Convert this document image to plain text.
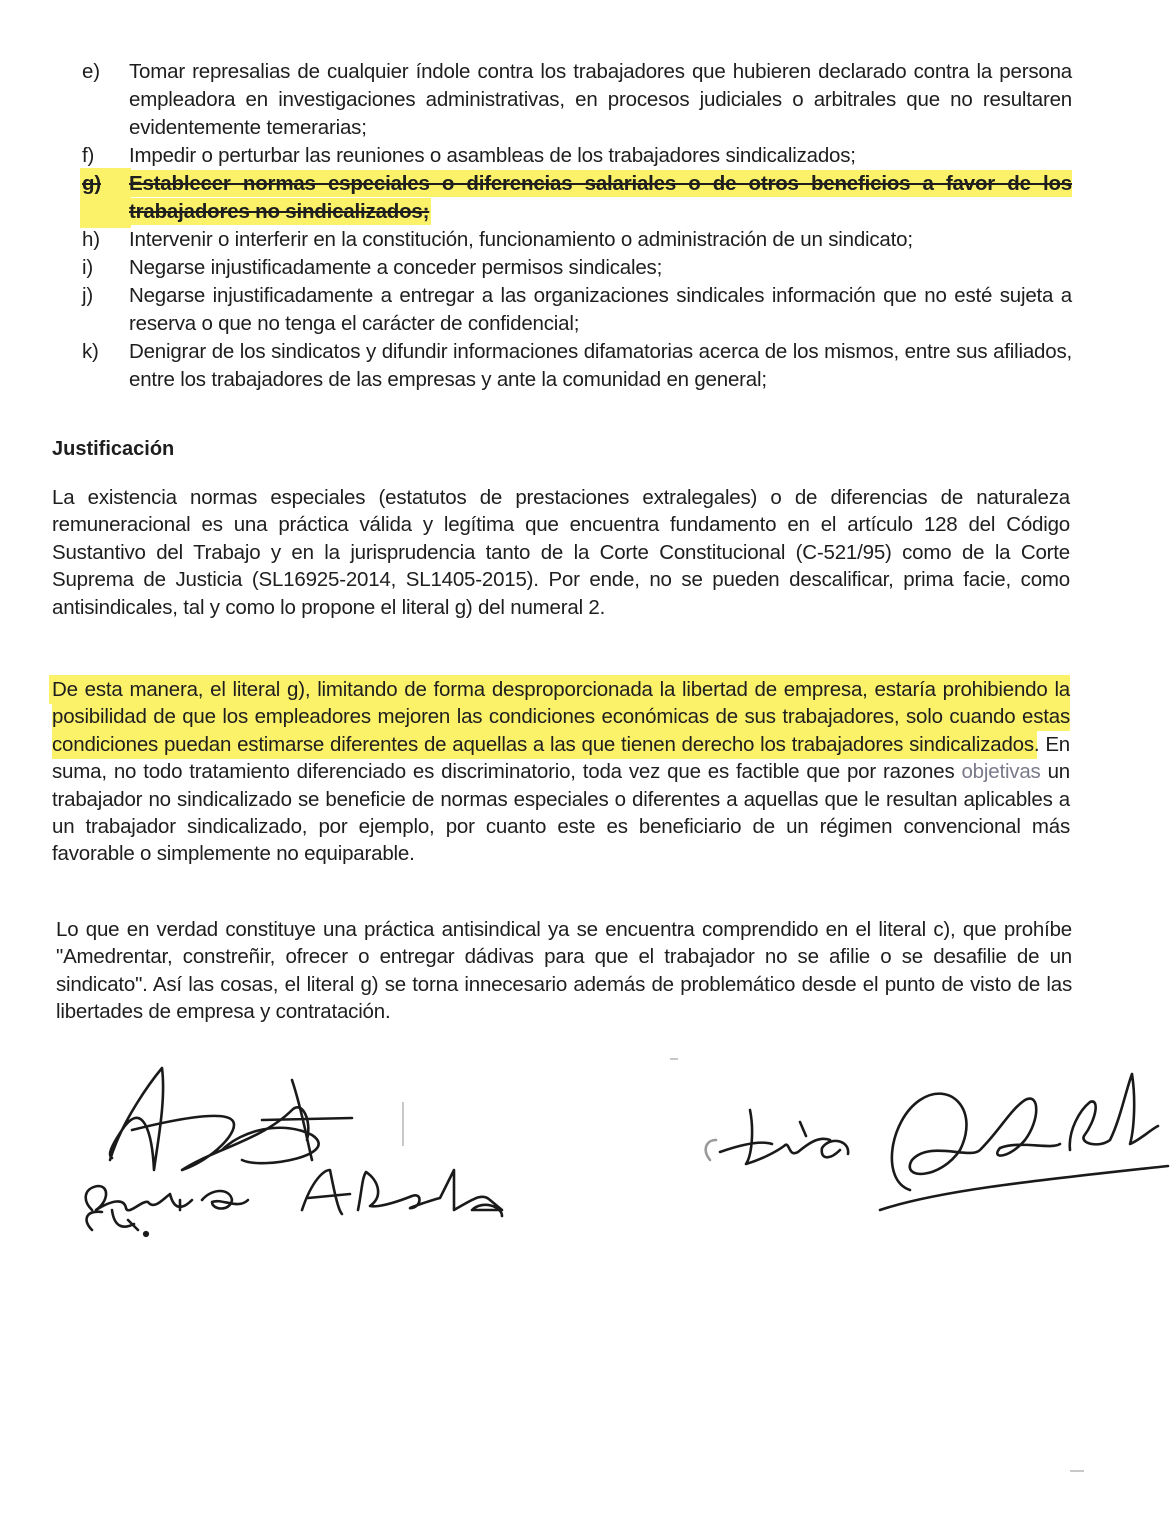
e)	Tomar represalias de cualquier índole contra los trabajadores que hubieren declarado contra la persona empleadora en investigaciones administrativas, en procesos judiciales o arbitrales que no resultaren evidentemente temerarias;
f)	Impedir o perturbar las reuniones o asambleas de los trabajadores sindicalizados;
g)	Establecer normas especiales o diferencias salariales o de otros beneficios a favor de los trabajadores no sindicalizados;
h)	Intervenir o interferir en la constitución, funcionamiento o administración de un sindicato;
i)	Negarse injustificadamente a conceder permisos sindicales;
j)	Negarse injustificadamente a entregar a las organizaciones sindicales información que no esté sujeta a reserva o que no tenga el carácter de confidencial;
k)	Denigrar de los sindicatos y difundir informaciones difamatorias acerca de los mismos, entre sus afiliados, entre los trabajadores de las empresas y ante la comunidad en general;
Justificación

La existencia normas especiales (estatutos de prestaciones extralegales) o de diferencias de naturaleza remuneracional es una práctica válida y legítima que encuentra fundamento en el artículo 128 del Código Sustantivo del Trabajo y en la jurisprudencia tanto de la Corte Constitucional (C-521/95) como de la Corte Suprema de Justicia (SL16925-2014, SL1405-2015). Por ende, no se pueden descalificar, prima facie, como antisindicales, tal y como lo propone el literal g) del numeral 2.

De esta manera, el literal g), limitando de forma desproporcionada la libertad de empresa, estaría prohibiendo la posibilidad de que los empleadores mejoren las condiciones económicas de sus trabajadores, solo cuando estas condiciones puedan estimarse diferentes de aquellas a las que tienen derecho los trabajadores sindicalizados. En suma, no todo tratamiento diferenciado es discriminatorio, toda vez que es factible que por razones objetivas un trabajador no sindicalizado se beneficie de normas especiales o diferentes a aquellas que le resultan aplicables a un trabajador sindicalizado, por ejemplo, por cuanto este es beneficiario de un régimen convencional más favorable o simplemente no equiparable.

Lo que en verdad constituye una práctica antisindical ya se encuentra comprendido en el literal c), que prohíbe "Amedrentar, constreñir, ofrecer o entregar dádivas para que el trabajador no se afilie o se desafilie de un sindicato". Así las cosas, el literal g) se torna innecesario además de problemático desde el punto de visto de las libertades de empresa y contratación.
